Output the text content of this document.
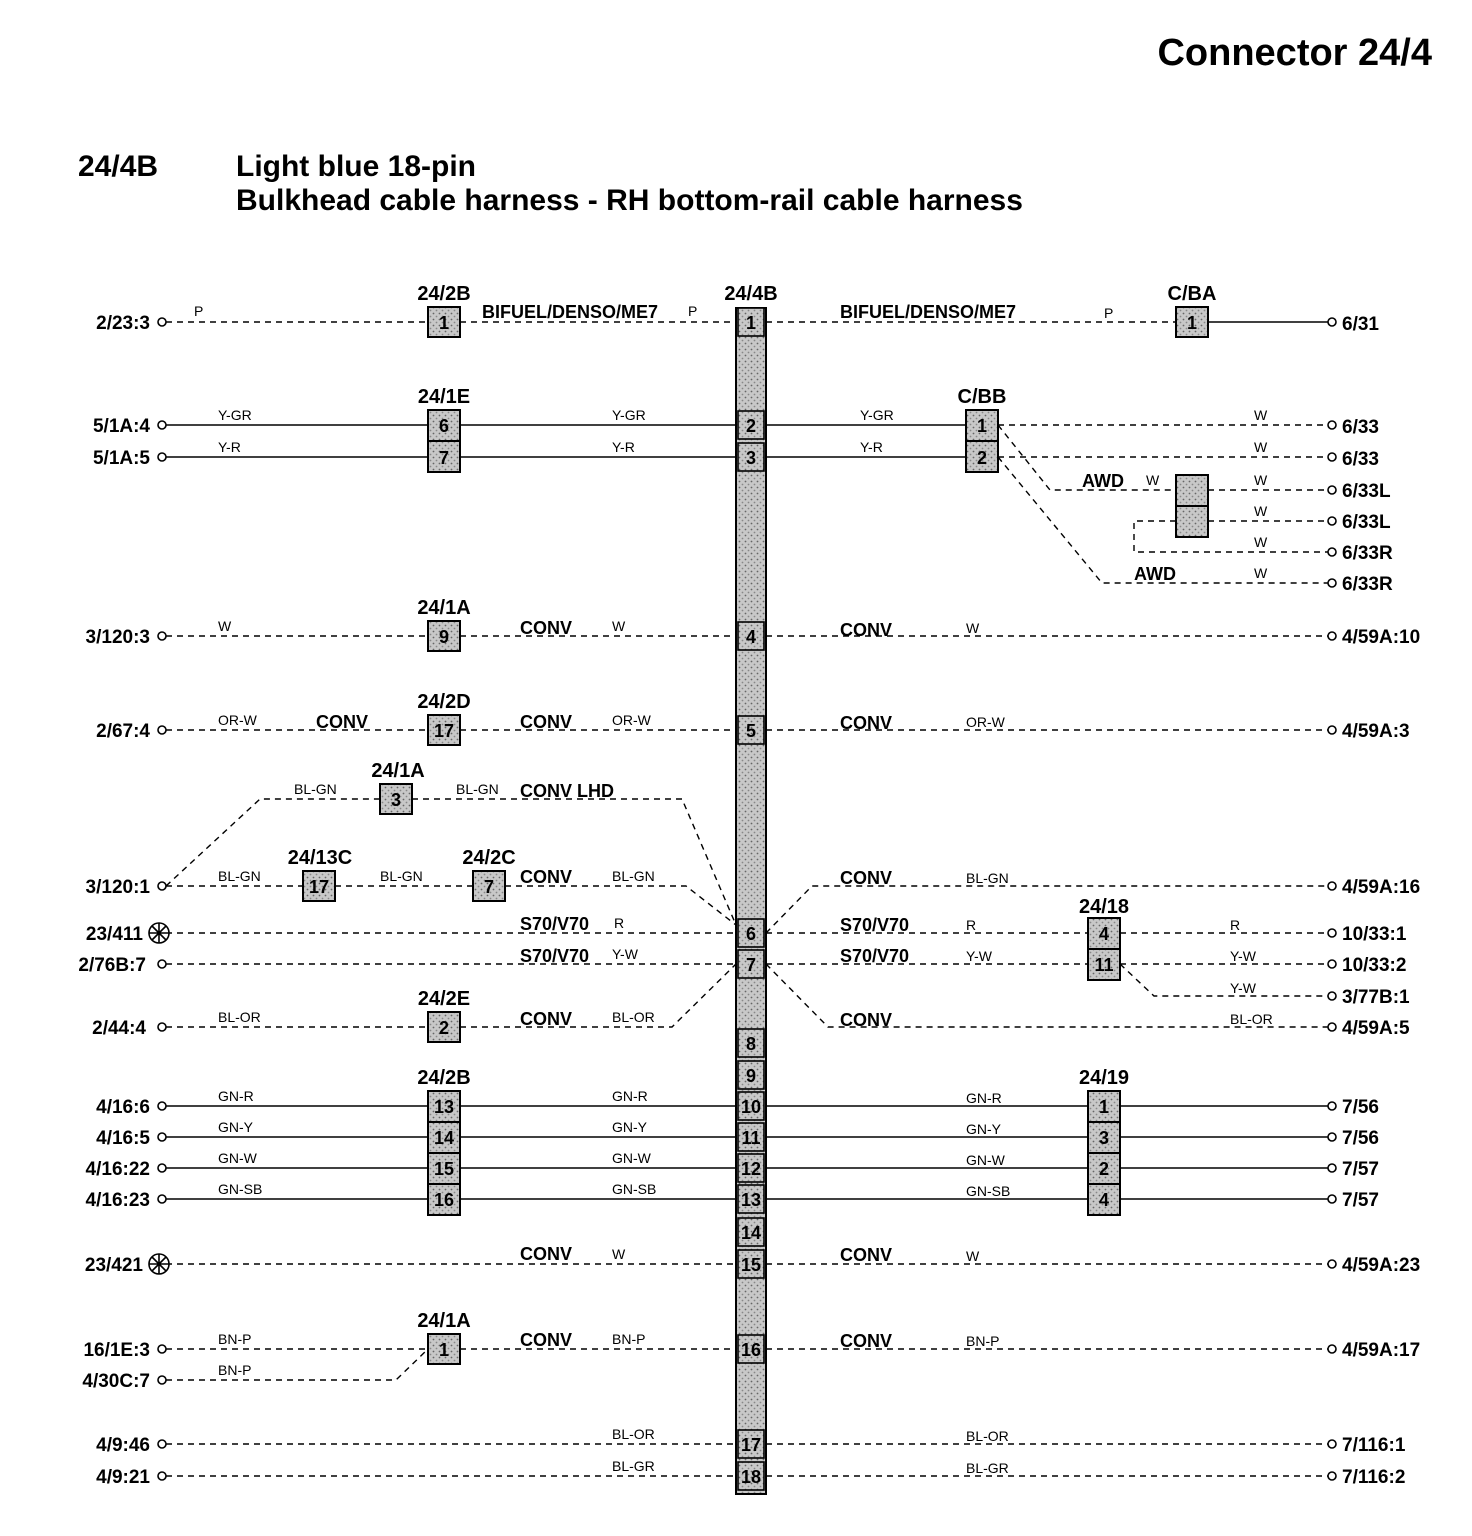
Connector 24/4
24/4B	Light blue 18-pin
Bulkhead cable harness - RH bottom-rail cable harness
24/4B
1
2
3
4
5
6
7
8
9
10
11
12
13
14
15
16
17
18
1	1
6
7
1
2
9
17
3
17	7
4
11
2
13
14
15
16
1
3
2
4
1
24/2B	C/BA
24/1E	C/BB
24/1A
24/2D
24/1A
24/13C	24/2C
24/18
24/2E
24/2B	24/19
24/1A
2/23:3
5/1A:4
5/1A:5
3/120:3
2/67:4
3/120:1
23/411
2/76B:7
2/44:4
4/16:6
4/16:5
4/16:22
4/16:23
23/421
16/1E:3
4/30C:7
4/9:46
4/9:21
6/31
6/33
6/33
6/33L
6/33L
6/33R
6/33R
4/59A:10
4/59A:3
4/59A:16
10/33:1
10/33:2
3/77B:1
4/59A:5
7/56
7/56
7/57
7/57
4/59A:23
4/59A:17
7/116:1
7/116:2
P	P	P
Y-GR	Y-GR	Y-GR
Y-R	Y-R	Y-R
W
W
W	W
W
W
W
W	W	W
OR-W	OR-W	OR-W
BL-GN	BL-GN
BL-GN	BL-GN	BL-GN	BL-GN
R	R	R
Y-W	Y-W	Y-W
Y-W
BL-OR	BL-OR	BL-OR
GN-R	GN-R	GN-R
GN-Y	GN-Y	GN-Y
GN-W	GN-W	GN-W
GN-SB	GN-SB	GN-SB
W	W
BN-P	BN-P	BN-P
BN-P
BL-OR	BL-OR
BL-GR	BL-GR
BIFUEL/DENSO/ME7	BIFUEL/DENSO/ME7
AWD
AWD
CONV	CONV
CONV	CONV	CONV
CONV LHD
CONV	CONV
S70/V70	S70/V70
S70/V70	S70/V70
CONV	CONV
CONV	CONV
CONV	CONV
